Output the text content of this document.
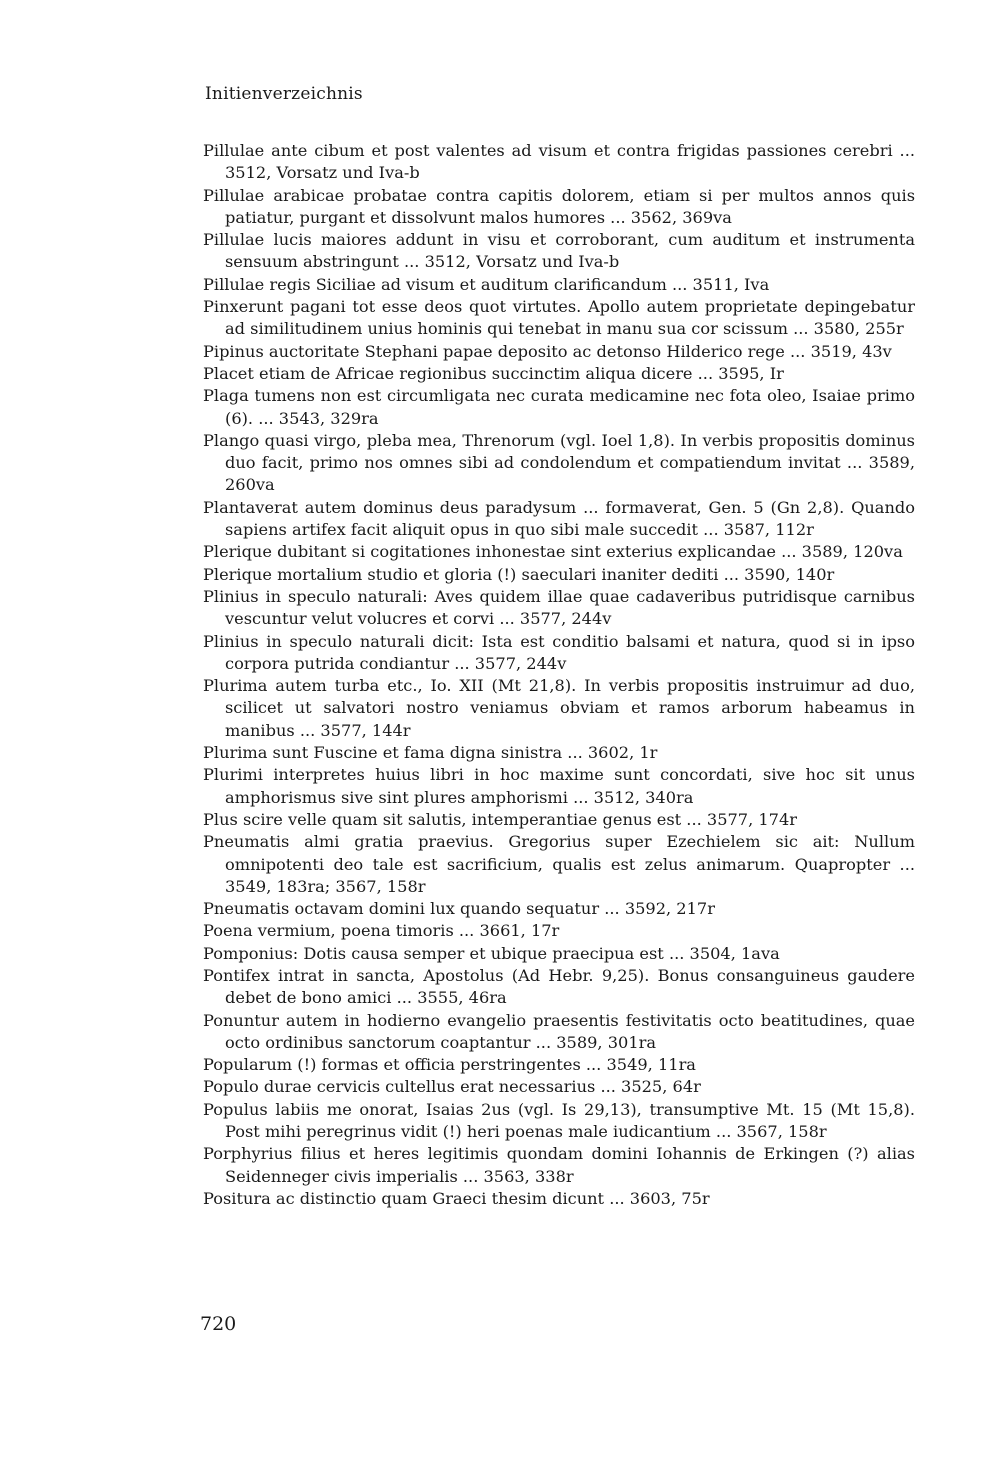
Initienverzeichnis
Pillulae ante cibum et post valentes ad visum et contra frigidas passiones cerebri ... 3512, Vorsatz und Iva-b
Pillulae arabicae probatae contra capitis dolorem, etiam si per multos annos quis patiatur, purgant et dissolvunt malos humores ... 3562, 369va
Pillulae lucis maiores addunt in visu et corroborant, cum auditum et instrumenta sensuum abstringunt ... 3512, Vorsatz und Iva-b
Pillulae regis Siciliae ad visum et auditum clarificandum ... 3511, Iva
Pinxerunt pagani tot esse deos quot virtutes. Apollo autem proprietate depingebatur ad similitudinem unius hominis qui tenebat in manu sua cor scissum ... 3580, 255r
Pipinus auctoritate Stephani papae deposito ac detonso Hilderico rege ... 3519, 43v
Placet etiam de Africae regionibus succinctim aliqua dicere ... 3595, Ir
Plaga tumens non est circumligata nec curata medicamine nec fota oleo, Isaiae primo (6). ... 3543, 329ra
Plango quasi virgo, pleba mea, Threnorum (vgl. Ioel 1,8). In verbis propositis dominus duo facit, primo nos omnes sibi ad condolendum et compatiendum invitat ... 3589, 260va
Plantaverat autem dominus deus paradysum ... formaverat, Gen. 5 (Gn 2,8). Quando sapiens artifex facit aliquit opus in quo sibi male succedit ... 3587, 112r
Plerique dubitant si cogitationes inhonestae sint exterius explicandae ... 3589, 120va
Plerique mortalium studio et gloria (!) saeculari inaniter dediti ... 3590, 140r
Plinius in speculo naturali: Aves quidem illae quae cadaveribus putridisque carnibus vescuntur velut volucres et corvi ... 3577, 244v
Plinius in speculo naturali dicit: Ista est conditio balsami et natura, quod si in ipso corpora putrida condiantur ... 3577, 244v
Plurima autem turba etc., Io. XII (Mt 21,8). In verbis propositis instruimur ad duo, scilicet ut salvatori nostro veniamus obviam et ramos arborum habeamus in manibus ... 3577, 144r
Plurima sunt Fuscine et fama digna sinistra ... 3602, 1r
Plurimi interpretes huius libri in hoc maxime sunt concordati, sive hoc sit unus amphorismus sive sint plures amphorismi ... 3512, 340ra
Plus scire velle quam sit salutis, intemperantiae genus est ... 3577, 174r
Pneumatis almi gratia praevius. Gregorius super Ezechielem sic ait: Nullum omnipotenti deo tale est sacrificium, qualis est zelus animarum. Quapropter ... 3549, 183ra; 3567, 158r
Pneumatis octavam domini lux quando sequatur ... 3592, 217r
Poena vermium, poena timoris ... 3661, 17r
Pomponius: Dotis causa semper et ubique praecipua est ... 3504, 1ava
Pontifex intrat in sancta, Apostolus (Ad Hebr. 9,25). Bonus consanguineus gaudere debet de bono amici ... 3555, 46ra
Ponuntur autem in hodierno evangelio praesentis festivitatis octo beatitudines, quae octo ordinibus sanctorum coaptantur ... 3589, 301ra
Popularum (!) formas et officia perstringentes ... 3549, 11ra
Populo durae cervicis cultellus erat necessarius ... 3525, 64r
Populus labiis me onorat, Isaias 2us (vgl. Is 29,13), transumptive Mt. 15 (Mt 15,8). Post mihi peregrinus vidit (!) heri poenas male iudicantium ... 3567, 158r
Porphyrius filius et heres legitimis quondam domini Iohannis de Erkingen (?) alias Seidenneger civis imperialis ... 3563, 338r
Positura ac distinctio quam Graeci thesim dicunt ... 3603, 75r
720
